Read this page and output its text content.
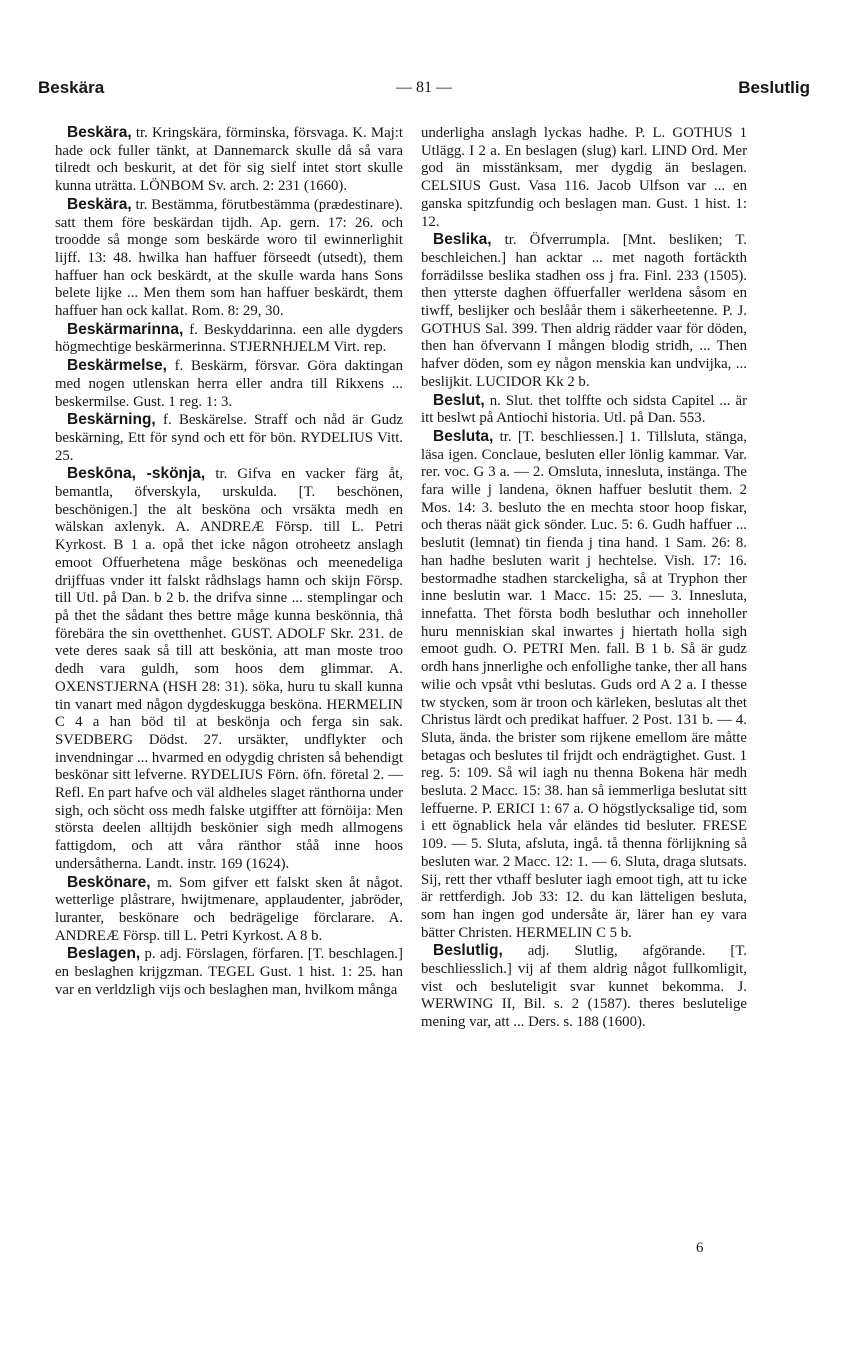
Beskära	— 81 —	Beslutlig

Beskära, tr. Kringskära, förminska, försvaga. K. Maj:t hade ock fuller tänkt, at Dannemarck skulle då så vara tilredt och beskurit, at det för sig sielf intet stort skulle kunna uträtta. LÖNBOM Sv. arch. 2: 231 (1660).

Beskära, tr. Bestämma, förutbestämma (prædestinare). satt them före beskärdan tijdh. Ap. gern. 17: 26. och troodde så monge som beskärde woro til ewinnerlighit lijff. 13: 48. hwilka han haffuer förseedt (utsedt), them haffuer han ock beskärdt, at the skulle warda hans Sons belete lijke ... Men them som han haffuer beskärdt, them haffuer han ock kallat. Rom. 8: 29, 30.

Beskärmarinna, f. Beskyddarinna. een alle dygders högmechtige beskärmerinna. STJERNHJELM Virt. rep.

Beskärmelse, f. Beskärm, försvar. Göra daktingan med nogen utlenskan herra eller andra till Rikxens ... beskermilse. Gust. 1 reg. 1: 3.

Beskärning, f. Beskärelse. Straff och nåd är Gudz beskärning, Ett för synd och ett för bön. RYDELIUS Vitt. 25.

Beskōna, -skönja, tr. Gifva en vacker färg åt, bemantla, öfverskyla, urskulda. [T. beschönen, beschönigen.] the alt besköna och vrsäkta medh en wälskan axlenyk. A. ANDREÆ Försp. till L. Petri Kyrkost. B 1 a. opå thet icke någon otroheetz anslagh emoot Offuerhetena måge beskönas och meenedeliga drijffuas vnder itt falskt rådhslags hamn och skijn Försp. till Utl. på Dan. b 2 b. the drifva sinne ... stemplingar och på thet the sådant thes bettre måge kunna beskönnia, thå förebära the sin ovetthenhet. GUST. ADOLF Skr. 231. de vete deres saak så till att beskönia, att man moste troo dedh vara guldh, som hoos dem glimmar. A. OXENSTJERNA (HSH 28: 31). söka, huru tu skall kunna tin vanart med någon dygdeskugga besköna. HERMELIN C 4 a han böd til at beskönja och ferga sin sak. SVEDBERG Dödst. 27. ursäkter, undflykter och invendningar ... hvarmed en odygdig christen så behendigt beskönar sitt lefverne. RYDELIUS Förn. öfn. företal 2. — Refl. En part hafve och väl aldheles slaget ränthorna under sigh, och söcht oss medh falske utgiffter att förnöija: Men största deelen alltijdh beskönier sigh medh allmogens fattigdom, och att våra ränthor ståå inne hoos undersåtherna. Landt. instr. 169 (1624).

Beskönare, m. Som gifver ett falskt sken åt något. wetterlige plåstrare, hwijtmenare, applaudenter, jabröder, luranter, beskönare och bedrägelige förclarare. A. ANDREÆ Försp. till L. Petri Kyrkost. A 8 b.

Beslagen, p. adj. Förslagen, förfaren. [T. beschlagen.] en beslaghen krijgzman. TEGEL Gust. 1 hist. 1: 25. han var en verldzligh vijs och beslaghen man, hvilkom många

underligha anslagh lyckas hadhe. P. L. GOTHUS 1 Utlägg. I 2 a. En beslagen (slug) karl. LIND Ord. Mer god än misstänksam, mer dygdig än beslagen. CELSIUS Gust. Vasa 116. Jacob Ulfson var ... en ganska spitzfundig och beslagen man. Gust. 1 hist. 1: 12.

Beslika, tr. Öfverrumpla. [Mnt. besliken; T. beschleichen.] han acktar ... met nagoth fortäckth forrädilsse beslika stadhen oss j fra. Finl. 233 (1505). then ytterste daghen öffuerfaller werldena såsom en tiwff, beslijker och beslåår them i säkerheetenne. P. J. GOTHUS Sal. 399. Then aldrig rädder vaar för döden, then han öfvervann I mången blodig stridh, ... Then hafver döden, som ey någon menskia kan undvijka, ... beslijkit. LUCIDOR Kk 2 b.

Beslut, n. Slut. thet tolffte och sidsta Capitel ... är itt beslwt på Antiochi historia. Utl. på Dan. 553.

Besluta, tr. [T. beschliessen.] 1. Tillsluta, stänga, läsa igen. Conclaue, besluten eller lönlig kammar. Var. rer. voc. G 3 a. — 2. Omsluta, innesluta, instänga. The fara wille j landena, öknen haffuer beslutit them. 2 Mos. 14: 3. besluto the en mechta stoor hoop fiskar, och theras näät gick sönder. Luc. 5: 6. Gudh haffuer ... beslutit (lemnat) tin fienda j tina hand. 1 Sam. 26: 8. han hadhe besluten warit j hechtelse. Vish. 17: 16. bestormadhe stadhen starckeligha, så at Tryphon ther inne beslutin war. 1 Macc. 15: 25. — 3. Innesluta, innefatta. Thet första bodh besluthar och inneholler huru menniskian skal inwartes j hiertath holla sigh emoot gudh. O. PETRI Men. fall. B 1 b. Så är gudz ordh hans jnnerlighe och enfollighe tanke, ther all hans wilie och vpsåt vthi beslutas. Guds ord A 2 a. I thesse tw stycken, som är troon och kärleken, beslutas alt thet Christus lärdt och predikat haffuer. 2 Post. 131 b. — 4. Sluta, ända. the brister som rijkene emellom äre måtte betagas och beslutes til frijdt och endrägtighet. Gust. 1 reg. 5: 109. Så wil iagh nu thenna Bokena här medh besluta. 2 Macc. 15: 38. han så iemmerliga beslutat sitt leffuerne. P. ERICI 1: 67 a. O högstlycksalige tid, som i ett ögnablick hela vår eländes tid besluter. FRESE 109. — 5. Sluta, afsluta, ingå. tå thenna förlijkning så besluten war. 2 Macc. 12: 1. — 6. Sluta, draga slutsats. Sij, rett ther vthaff besluter iagh emoot tigh, att tu icke är rettferdigh. Job 33: 12. du kan lätteligen besluta, som han ingen god undersåte är, lärer han ey vara bätter Christen. HERMELIN C 5 b.

Beslutlig, adj. Slutlig, afgörande. [T. beschliesslich.] vij af them aldrig något fullkomligit, vist och besluteligit svar kunnet bekomma. J. WERWING II, Bil. s. 2 (1587). theres beslutelige mening var, att ... Ders. s. 188 (1600).

6
